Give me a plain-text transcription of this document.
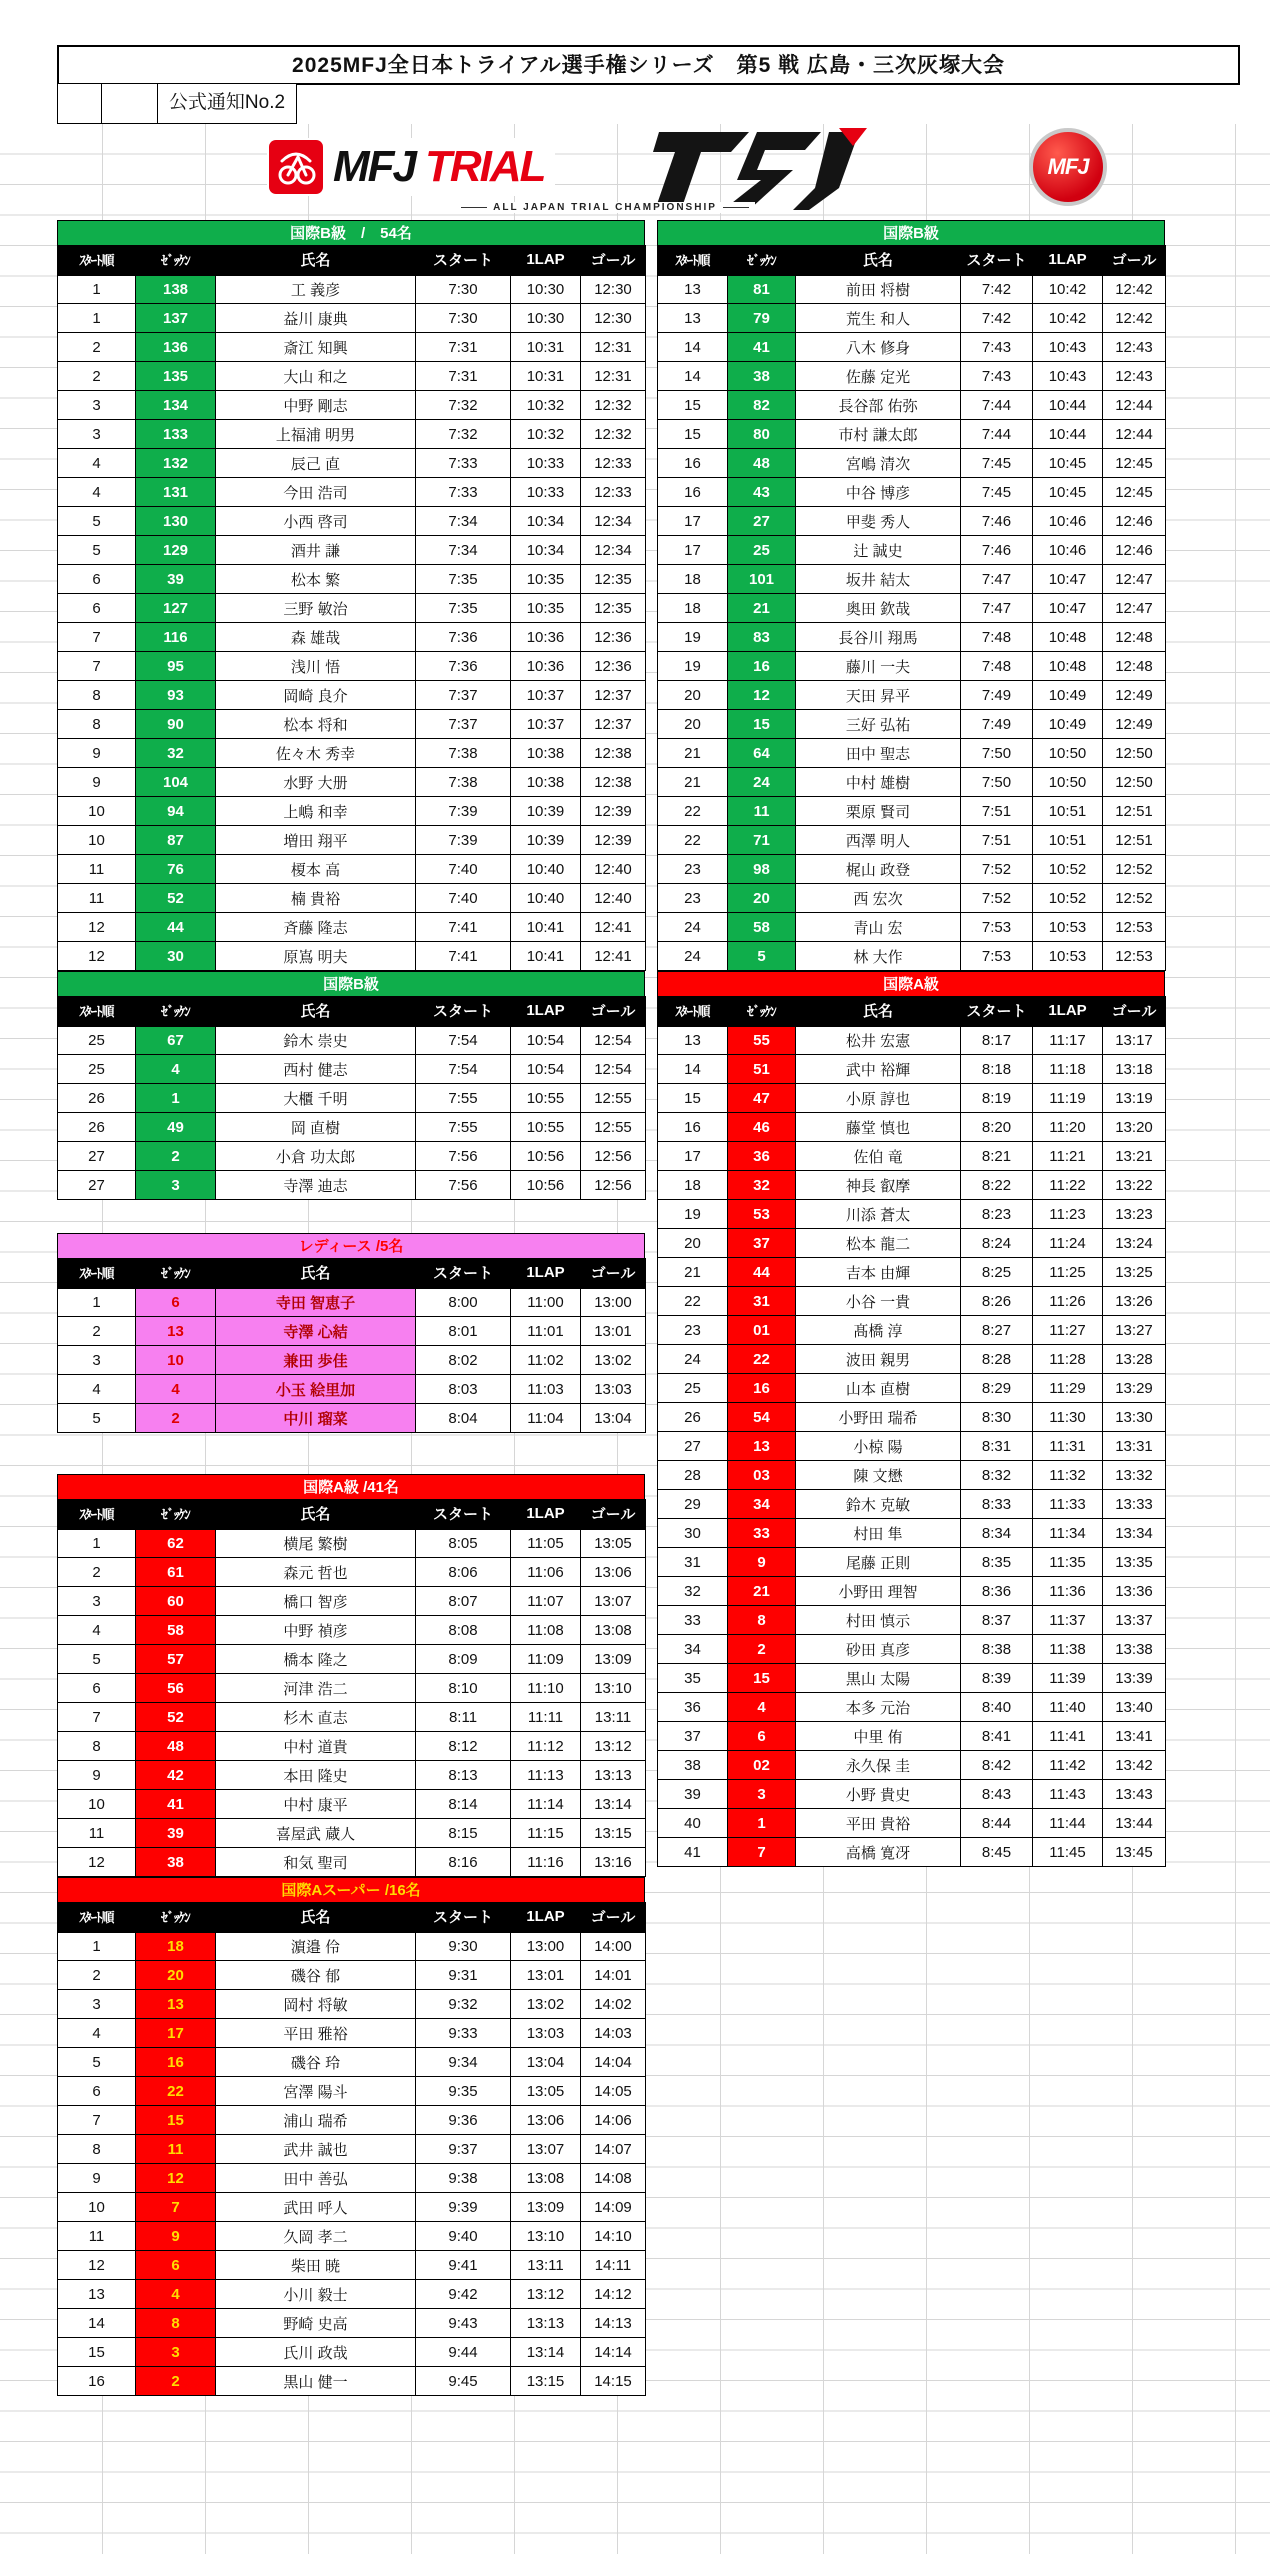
2025MFJ全日本トライアル選手権シリーズ　第5 戦 広島・三次灰塚大会
公式通知No.2
MFJ TRIAL
ALL JAPAN TRIAL CHAMPIONSHIP
MFJ
国際B級　/　54名
ｽﾀｰﾄ順	ｾﾞｯｹﾝ	氏名	スタート	1LAP	ゴール
1	138	工 義彦	7:30	10:30	12:30
1	137	益川 康典	7:30	10:30	12:30
2	136	斎江 知興	7:31	10:31	12:31
2	135	大山 和之	7:31	10:31	12:31
3	134	中野 剛志	7:32	10:32	12:32
3	133	上福浦 明男	7:32	10:32	12:32
4	132	辰己 直	7:33	10:33	12:33
4	131	今田 浩司	7:33	10:33	12:33
5	130	小西 啓司	7:34	10:34	12:34
5	129	酒井 謙	7:34	10:34	12:34
6	39	松本 繁	7:35	10:35	12:35
6	127	三野 敏治	7:35	10:35	12:35
7	116	森 雄哉	7:36	10:36	12:36
7	95	浅川 悟	7:36	10:36	12:36
8	93	岡崎 良介	7:37	10:37	12:37
8	90	松本 将和	7:37	10:37	12:37
9	32	佐々木 秀幸	7:38	10:38	12:38
9	104	水野 大册	7:38	10:38	12:38
10	94	上嶋 和幸	7:39	10:39	12:39
10	87	増田 翔平	7:39	10:39	12:39
11	76	榎本 高	7:40	10:40	12:40
11	52	楠 貴裕	7:40	10:40	12:40
12	44	斉藤 隆志	7:41	10:41	12:41
12	30	原嶌 明夫	7:41	10:41	12:41
国際B級
ｽﾀｰﾄ順	ｾﾞｯｹﾝ	氏名	スタート	1LAP	ゴール
25	67	鈴木 崇史	7:54	10:54	12:54
25	4	西村 健志	7:54	10:54	12:54
26	1	大櫃 千明	7:55	10:55	12:55
26	49	岡 直樹	7:55	10:55	12:55
27	2	小倉 功太郎	7:56	10:56	12:56
27	3	寺澤 迪志	7:56	10:56	12:56
レディース /5名
ｽﾀｰﾄ順	ｾﾞｯｹﾝ	氏名	スタート	1LAP	ゴール
1	6	寺田 智恵子	8:00	11:00	13:00
2	13	寺澤 心結	8:01	11:01	13:01
3	10	兼田 歩佳	8:02	11:02	13:02
4	4	小玉 絵里加	8:03	11:03	13:03
5	2	中川 瑠菜	8:04	11:04	13:04
国際A級 /41名
ｽﾀｰﾄ順	ｾﾞｯｹﾝ	氏名	スタート	1LAP	ゴール
1	62	横尾 繁樹	8:05	11:05	13:05
2	61	森元 哲也	8:06	11:06	13:06
3	60	橋口 智彦	8:07	11:07	13:07
4	58	中野 禎彦	8:08	11:08	13:08
5	57	橋本 隆之	8:09	11:09	13:09
6	56	河津 浩二	8:10	11:10	13:10
7	52	杉木 直志	8:11	11:11	13:11
8	48	中村 道貴	8:12	11:12	13:12
9	42	本田 隆史	8:13	11:13	13:13
10	41	中村 康平	8:14	11:14	13:14
11	39	喜屋武 蔵人	8:15	11:15	13:15
12	38	和気 聖司	8:16	11:16	13:16
国際Aスーパー /16名
ｽﾀｰﾄ順	ｾﾞｯｹﾝ	氏名	スタート	1LAP	ゴール
1	18	濵邉 伶	9:30	13:00	14:00
2	20	磯谷 郁	9:31	13:01	14:01
3	13	岡村 将敏	9:32	13:02	14:02
4	17	平田 雅裕	9:33	13:03	14:03
5	16	磯谷 玲	9:34	13:04	14:04
6	22	宮澤 陽斗	9:35	13:05	14:05
7	15	浦山 瑞希	9:36	13:06	14:06
8	11	武井 誠也	9:37	13:07	14:07
9	12	田中 善弘	9:38	13:08	14:08
10	7	武田 呼人	9:39	13:09	14:09
11	9	久岡 孝二	9:40	13:10	14:10
12	6	柴田 暁	9:41	13:11	14:11
13	4	小川 毅士	9:42	13:12	14:12
14	8	野崎 史高	9:43	13:13	14:13
15	3	氏川 政哉	9:44	13:14	14:14
16	2	黒山 健一	9:45	13:15	14:15
国際B級
ｽﾀｰﾄ順	ｾﾞｯｹﾝ	氏名	スタート	1LAP	ゴール
13	81	前田 将樹	7:42	10:42	12:42
13	79	荒生 和人	7:42	10:42	12:42
14	41	八木 修身	7:43	10:43	12:43
14	38	佐藤 定光	7:43	10:43	12:43
15	82	長谷部 佑弥	7:44	10:44	12:44
15	80	市村 謙太郎	7:44	10:44	12:44
16	48	宮嶋 清次	7:45	10:45	12:45
16	43	中谷 博彦	7:45	10:45	12:45
17	27	甲斐 秀人	7:46	10:46	12:46
17	25	辻 誠史	7:46	10:46	12:46
18	101	坂井 結太	7:47	10:47	12:47
18	21	奥田 欽哉	7:47	10:47	12:47
19	83	長谷川 翔馬	7:48	10:48	12:48
19	16	藤川 一夫	7:48	10:48	12:48
20	12	天田 昇平	7:49	10:49	12:49
20	15	三好 弘祐	7:49	10:49	12:49
21	64	田中 聖志	7:50	10:50	12:50
21	24	中村 雄樹	7:50	10:50	12:50
22	11	栗原 賢司	7:51	10:51	12:51
22	71	西澤 明人	7:51	10:51	12:51
23	98	梶山 政登	7:52	10:52	12:52
23	20	西 宏次	7:52	10:52	12:52
24	58	青山 宏	7:53	10:53	12:53
24	5	林 大作	7:53	10:53	12:53
国際A級
ｽﾀｰﾄ順	ｾﾞｯｹﾝ	氏名	スタート	1LAP	ゴール
13	55	松井 宏憲	8:17	11:17	13:17
14	51	武中 裕輝	8:18	11:18	13:18
15	47	小原 諄也	8:19	11:19	13:19
16	46	藤堂 慎也	8:20	11:20	13:20
17	36	佐伯 竜	8:21	11:21	13:21
18	32	神長 叡摩	8:22	11:22	13:22
19	53	川添 蒼太	8:23	11:23	13:23
20	37	松本 龍二	8:24	11:24	13:24
21	44	吉本 由輝	8:25	11:25	13:25
22	31	小谷 一貴	8:26	11:26	13:26
23	01	髙橋 淳	8:27	11:27	13:27
24	22	波田 親男	8:28	11:28	13:28
25	16	山本 直樹	8:29	11:29	13:29
26	54	小野田 瑞希	8:30	11:30	13:30
27	13	小椋 陽	8:31	11:31	13:31
28	03	陳 文懋	8:32	11:32	13:32
29	34	鈴木 克敏	8:33	11:33	13:33
30	33	村田 隼	8:34	11:34	13:34
31	9	尾藤 正則	8:35	11:35	13:35
32	21	小野田 理智	8:36	11:36	13:36
33	8	村田 慎示	8:37	11:37	13:37
34	2	砂田 真彦	8:38	11:38	13:38
35	15	黒山 太陽	8:39	11:39	13:39
36	4	本多 元治	8:40	11:40	13:40
37	6	中里 侑	8:41	11:41	13:41
38	02	永久保 圭	8:42	11:42	13:42
39	3	小野 貴史	8:43	11:43	13:43
40	1	平田 貴裕	8:44	11:44	13:44
41	7	高橋 寛冴	8:45	11:45	13:45
